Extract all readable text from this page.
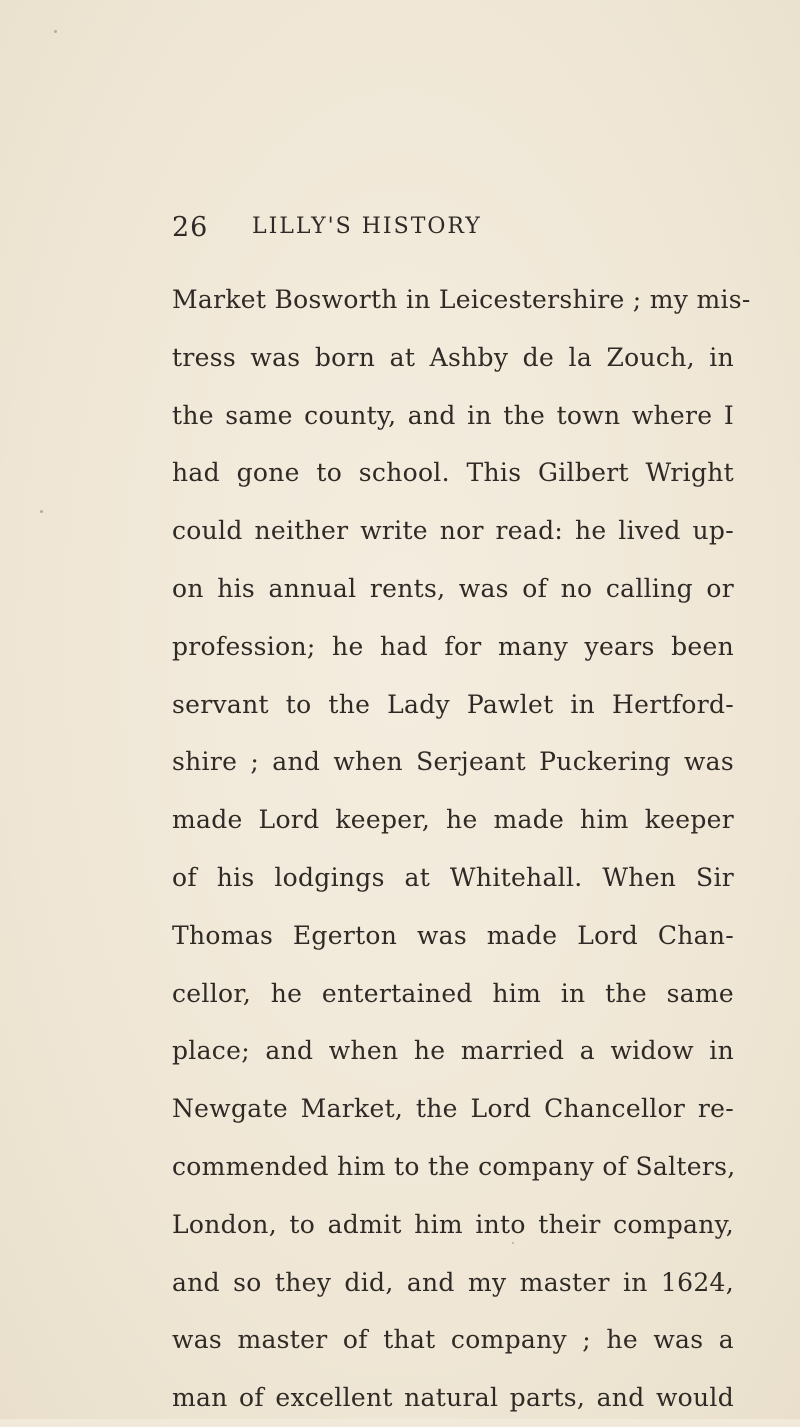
26 LILLY'S HISTORY
Market Bosworth in Leicestershire ; my mis-
tress was born at Ashby de la Zouch, in
the same county, and in the town where I
had gone to school. This Gilbert Wright
could neither write nor read: he lived up-
on his annual rents, was of no calling or
profession; he had for many years been
servant to the Lady Pawlet in Hertford-
shire ; and when Serjeant Puckering was
made Lord keeper, he made him keeper
of his lodgings at Whitehall. When Sir
Thomas Egerton was made Lord Chan-
cellor, he entertained him in the same
place; and when he married a widow in
Newgate Market, the Lord Chancellor re-
commended him to the company of Salters,
London, to admit him into their company,
and so they did, and my master in 1624,
was master of that company ; he was a
man of excellent natural parts, and would
